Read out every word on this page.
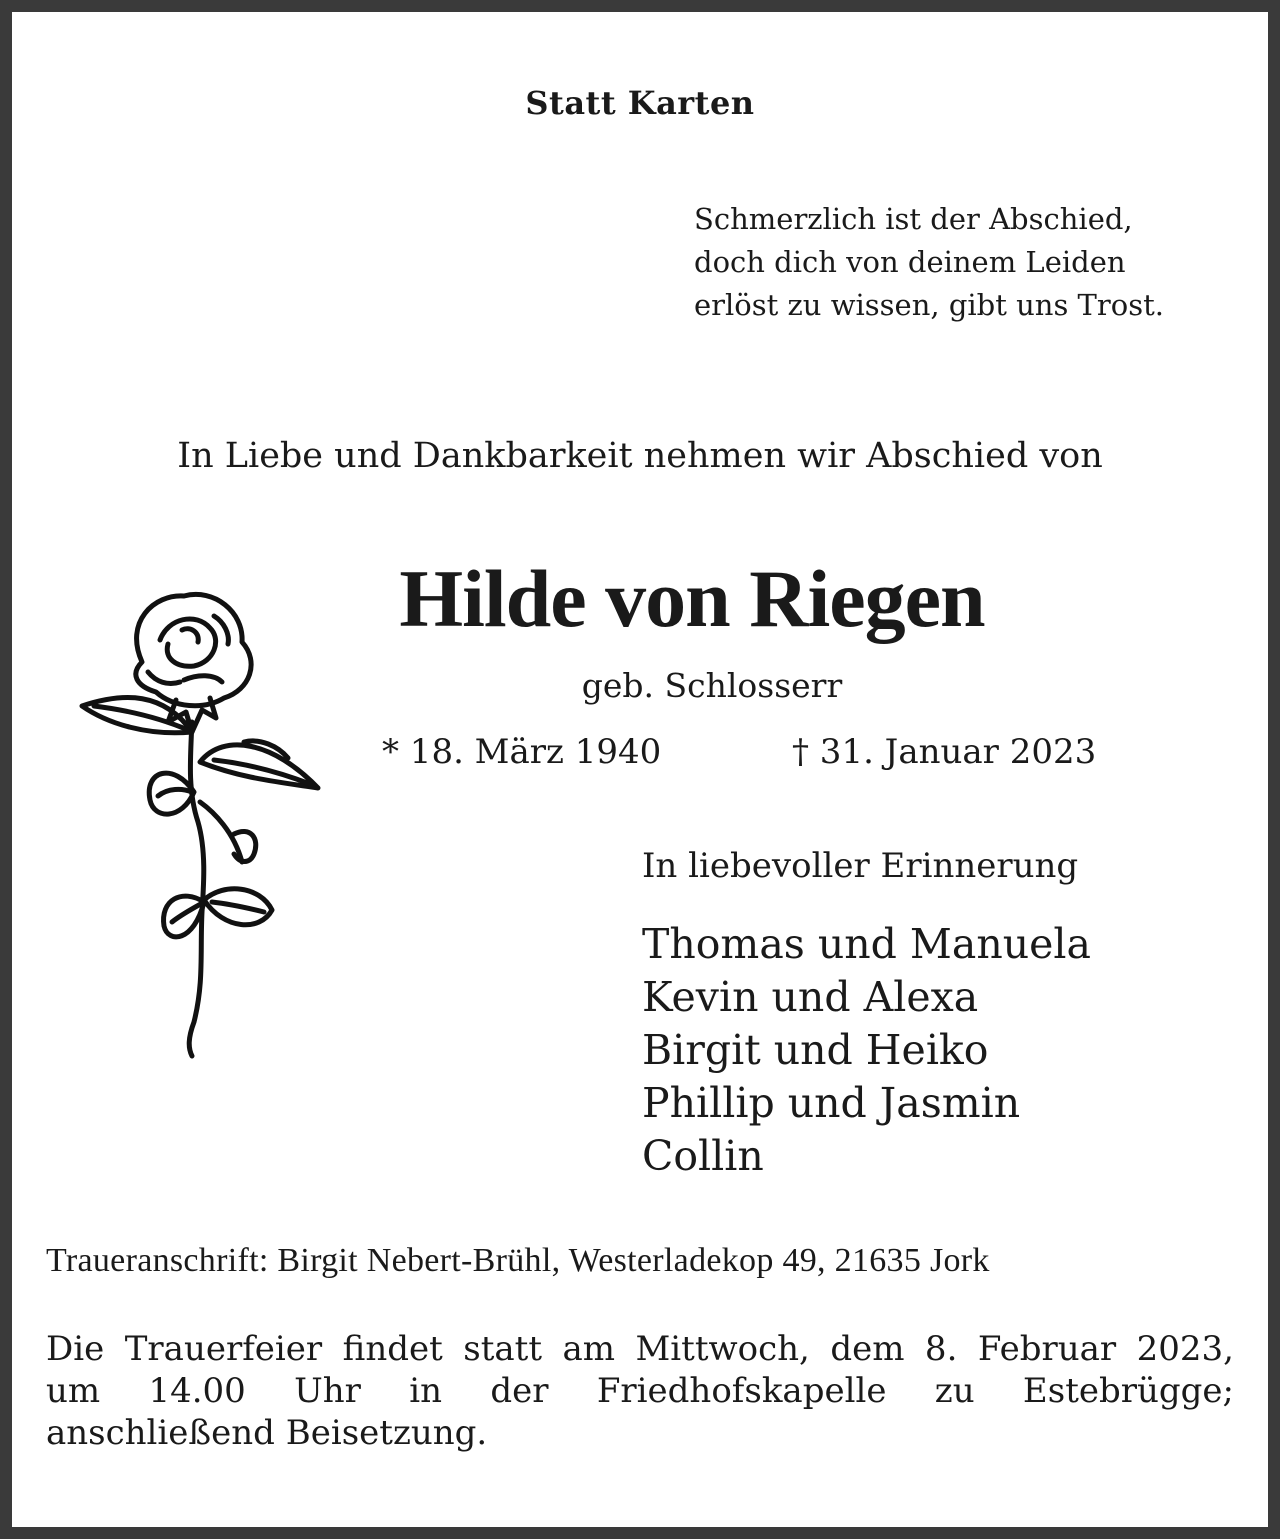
Statt Karten
Schmerzlich ist der Abschied,
doch dich von deinem Leiden
erlöst zu wissen, gibt uns Trost.
In Liebe und Dankbarkeit nehmen wir Abschied von
Hilde von Riegen
geb. Schlosserr
* 18. März 1940	† 31. Januar 2023
In liebevoller Erinnerung
Thomas und Manuela
Kevin und Alexa
Birgit und Heiko
Phillip und Jasmin
Collin
Traueranschrift: Birgit Nebert-Brühl, Westerladekop 49, 21635 Jork
Die Trauerfeier findet statt am Mittwoch, dem 8. Februar 2023,
um 14.00 Uhr in der Friedhofskapelle zu Estebrügge;
anschließend Beisetzung.
